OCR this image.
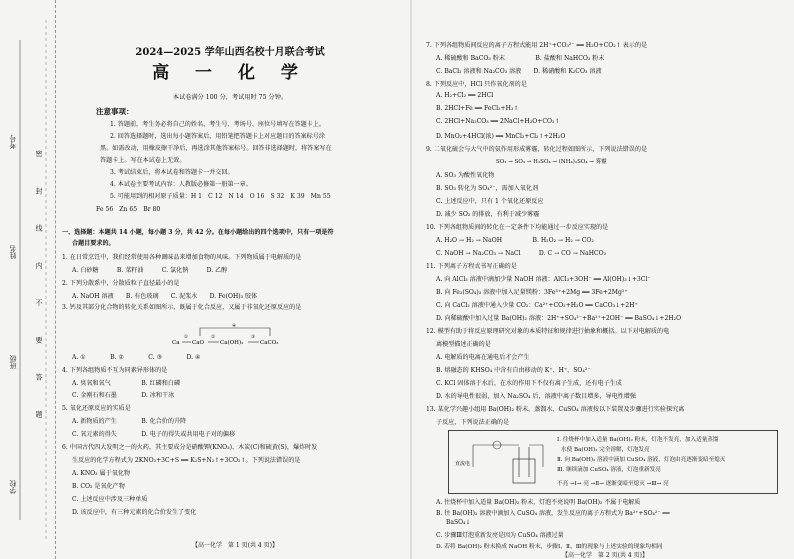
考号
姓名
班级
学校
密 封 线 内 不 要 答 题
2024—2025 学年山西名校十月联合考试
高 一 化 学
本试卷满分 100 分，考试用时 75 分钟。
注意事项：
1. 答题前，考生务必将自己的姓名、考生号、考场号、座位号填写在答题卡上。
2. 回答选择题时，选出每小题答案后，用铅笔把答题卡上对应题目的答案标号涂
黑。如需改动，用橡皮擦干净后，再选涂其他答案标号。回答非选择题时，将答案写在
答题卡上。写在本试卷上无效。
3. 考试结束后，将本试卷和答题卡一并交回。
4. 本试卷主要考试内容：人教版必修第一册第一章。
5. 可能用到的相对原子质量：H 1　C 12　N 14　O 16　S 32　K 39　Mn 55
Fe 56　Zn 65　Br 80
一、选择题：本题共 14 小题，每小题 3 分，共 42 分。在每小题给出的四个选项中，只有一项是符
合题目要求的。
1. 在日常烹饪中，我们经常使用各种调味品来增加食物的风味。下列物质属于电解质的是
A. 白砂糖　　　B. 菜籽油　　　C. 氯化钠　　　D. 乙醇
2. 下列分散系中，分散质粒子直径最小的是
A. NaOH 溶液　　B. 有色玻璃　　C. 泥浆水　　D. Fe(OH)₃ 胶体
3. 钙及其部分化合物的转化关系如图所示，既属于化合反应，又属于非氧化还原反应的是
Ca CaO	Ca(OH)₂	CaCO₃
①	②	③
④
A. ①　　　　B. ②　　　　C. ③　　　　D. ④
4. 下列各组物质不互为同素异形体的是
A. 臭氧和氧气　　　　　B. 红磷和白磷
C. 金刚石和石墨　　　　D. 冰和干冰
5. 氧化还原反应的实质是
A. 新物质的产生　　　　B. 化合价的升降
C. 氧元素的得失　　　　D. 电子的得失或共用电子对的偏移
6. 中国古代四大发明之一的火药，其主要成分是硝酸钾(KNO₃)、木炭(C)和硫黄(S)，爆炸时发
生反应的化学方程式为 2KNO₃+3C+S ══ K₂S+N₂↑+3CO₂↑。下列说法错误的是
A. KNO₃ 属于氧化物
B. CO₂ 是氧化产物
C. 上述反应中涉及三种单质
D. 该反应中，有三种元素的化合价发生了变化
【高一化学　第 1 页(共 4 页)】
7. 下列各组物质间反应的离子方程式能用 2H⁺+CO₃²⁻ ══ H₂O+CO₂↑ 表示的是
A. 稀硫酸和 BaCO₃ 粉末　　　　　B. 盐酸和 NaHCO₃ 粉末
C. BaCl₂ 溶液和 Na₂CO₃ 溶液　　D. 稀硝酸和 K₂CO₃ 溶液
8. 下列反应中，HCl 只作氧化剂的是
A. H₂+Cl₂ ══ 2HCl
B. 2HCl+Fe ══ FeCl₂+H₂↑
C. 2HCl+Na₂CO₃ ══ 2NaCl+H₂O+CO₂↑
D. MnO₂+4HCl(浓) ══ MnCl₂+Cl₂↑+2H₂O
9. 二氧化硫会与大气中的氨作用形成雾霾，转化过程如图所示，下列说法错误的是
SO₂ → SO₃ → H₂SO₄ → (NH₄)₂SO₄ → 雾霾
A. SO₃ 为酸性氧化物
B. SO₃ 转化为 SO₄²⁻，需加入氧化剂
C. 上述反应中，只有 1 个氧化还原反应
D. 减少 SO₂ 的排放，有利于减少雾霾
10. 下列各组物质间的转化在一定条件下均能通过一步反应实现的是
A. H₂O → H₂ → NaOH　　　　　B. H₂O₂ → H₂ → CO₂
C. NaOH → Na₂CO₃ → NaCl　　　D. C → CO → NaHCO₃
11. 下列离子方程式书写正确的是
A. 向 AlCl₃ 溶液中滴加少量 NaOH 溶液：AlCl₃+3OH⁻ ══ Al(OH)₃↓+3Cl⁻
B. 向 Fe₂(SO₄)₃ 溶液中加入足量镁粉：3Fe³⁺+2Mg ══ 3Fe+2Mg²⁺
C. 向 CaCl₂ 溶液中通入少量 CO₂：Ca²⁺+CO₂+H₂O ══ CaCO₃↓+2H⁺
D. 向稀硫酸中加入过量 Ba(OH)₂ 溶液：2H⁺+SO₄²⁻+Ba²⁺+2OH⁻ ══ BaSO₄↓+2H₂O
12. 模型有助于将反应原理研究对象的本质特征和规律进行抽象和概括。以下对电解质的电
离模型描述正确的是
A. 电解质的电离在通电后才会产生
B. 熔融态的 KHSO₄ 中含有自由移动的 K⁺、H⁺、SO₄²⁻
C. KCl 固体溶于水后，在水的作用下不仅有离子生成，还有电子生成
D. 水的导电性很弱，加入 Na₂SO₄ 后，溶液中离子数目增多，导电性增强
13. 某化学兴趣小组用 Ba(OH)₂ 粉末、蒸馏水、CuSO₄ 溶液按以下装置及步骤进行实验探究离
子反应，下列说法正确的是
直流电
Ⅰ. 往烧杯中加入适量 Ba(OH)₂ 粉末，灯泡不发亮，加入适量蒸馏
水使 Ba(OH)₂ 完全溶解，灯泡发亮
Ⅱ. 向 Ba(OH)₂ 溶液中滴加 CuSO₄ 溶液，灯泡由亮逐渐变暗至熄灭
Ⅲ. 继续滴加 CuSO₄ 溶液，灯泡重新发亮
不亮 →Ⅰ→ 亮 →Ⅱ→ 逐渐变暗至熄灭 →Ⅲ→ 亮
A. 往烧杯中加入适量 Ba(OH)₂ 粉末，灯泡不亮说明 Ba(OH)₂ 不属于电解质
B. 往 Ba(OH)₂ 溶液中滴加入 CuSO₄ 溶液，发生反应的离子方程式为 Ba²⁺+SO₄²⁻ ══
BaSO₄↓
C. 步骤Ⅲ灯泡重新发亮是因为 CuSO₄ 溶液过量
D. 若将 Ba(OH)₂ 粉末换成 NaOH 粉末，步骤Ⅰ、Ⅱ、Ⅲ的现象与上述实验的现象均相同
【高一化学　第 2 页(共 4 页)】
